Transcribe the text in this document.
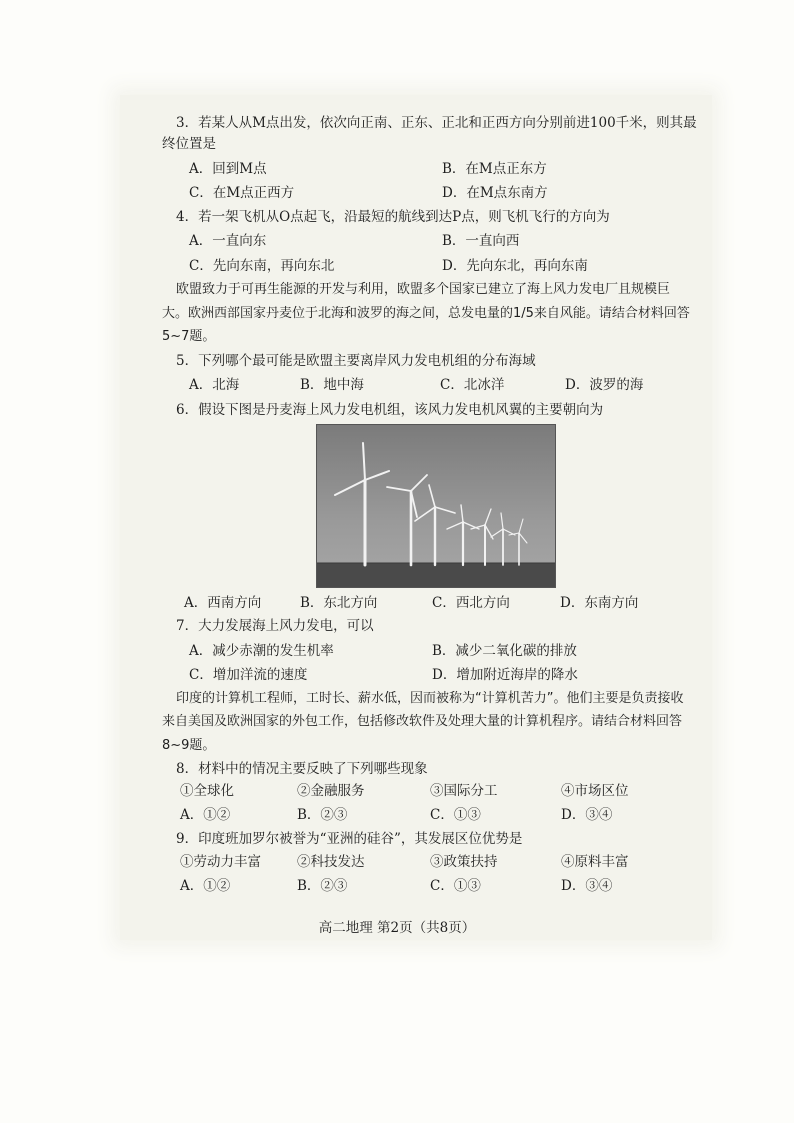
3．若某人从M点出发，依次向正南、正东、正北和正西方向分别前进100千米，则其最
终位置是
A．回到M点	B．在M点正东方
C．在M点正西方	D．在M点东南方
4．若一架飞机从O点起飞，沿最短的航线到达P点，则飞机飞行的方向为
A．一直向东	B．一直向西
C．先向东南，再向东北	D．先向东北，再向东南
欧盟致力于可再生能源的开发与利用，欧盟多个国家已建立了海上风力发电厂且规模巨
大。欧洲西部国家丹麦位于北海和波罗的海之间，总发电量的1/5来自风能。请结合材料回答
5~7题。
5．下列哪个最可能是欧盟主要离岸风力发电机组的分布海域
A．北海	B．地中海	C．北冰洋	D．波罗的海
6．假设下图是丹麦海上风力发电机组，该风力发电机风翼的主要朝向为
A．西南方向	B．东北方向	C．西北方向	D．东南方向
7．大力发展海上风力发电，可以
A．减少赤潮的发生机率	B．减少二氧化碳的排放
C．增加洋流的速度	D．增加附近海岸的降水
印度的计算机工程师，工时长、薪水低，因而被称为“计算机苦力”。他们主要是负责接收
来自美国及欧洲国家的外包工作，包括修改软件及处理大量的计算机程序。请结合材料回答
8~9题。
8．材料中的情况主要反映了下列哪些现象
①全球化	②金融服务	③国际分工	④市场区位
A．①②	B．②③	C．①③	D．③④
9．印度班加罗尔被誉为“亚洲的硅谷”，其发展区位优势是
①劳动力丰富	②科技发达	③政策扶持	④原料丰富
A．①②	B．②③	C．①③	D．③④
高二地理 第2页（共8页）
